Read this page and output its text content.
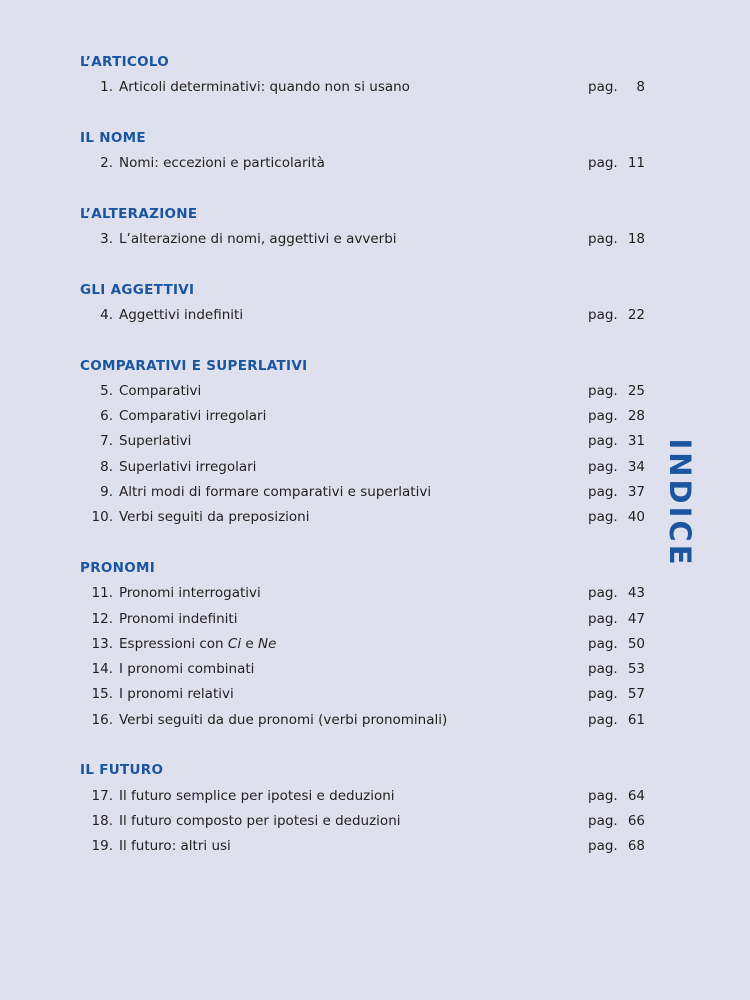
L’ARTICOLO
1. Articoli determinativi: quando non si usano	pag.	8
IL NOME
2. Nomi: eccezioni e particolarità	pag. 11
L’ALTERAZIONE
3. L’alterazione di nomi, aggettivi e avverbi	pag. 18
GLI AGGETTIVI
4. Aggettivi indefiniti	pag. 22
COMPARATIVI E SUPERLATIVI
5. Comparativi	pag. 25
6. Comparativi irregolari	pag. 28
7. Superlativi	pag. 31
8. Superlativi irregolari	pag. 34
9. Altri modi di formare comparativi e superlativi	pag. 37
10. Verbi seguiti da preposizioni	pag. 40
PRONOMI
11. Pronomi interrogativi	pag. 43
12. Pronomi indefiniti	pag. 47
13. Espressioni con Ci e Ne	pag. 50
14. I pronomi combinati	pag. 53
15. I pronomi relativi	pag. 57
16. Verbi seguiti da due pronomi (verbi pronominali)	pag. 61
IL FUTURO
17. Il futuro semplice per ipotesi e deduzioni	pag. 64
18. Il futuro composto per ipotesi e deduzioni	pag. 66
19. Il futuro: altri usi	pag. 68
INDICE
